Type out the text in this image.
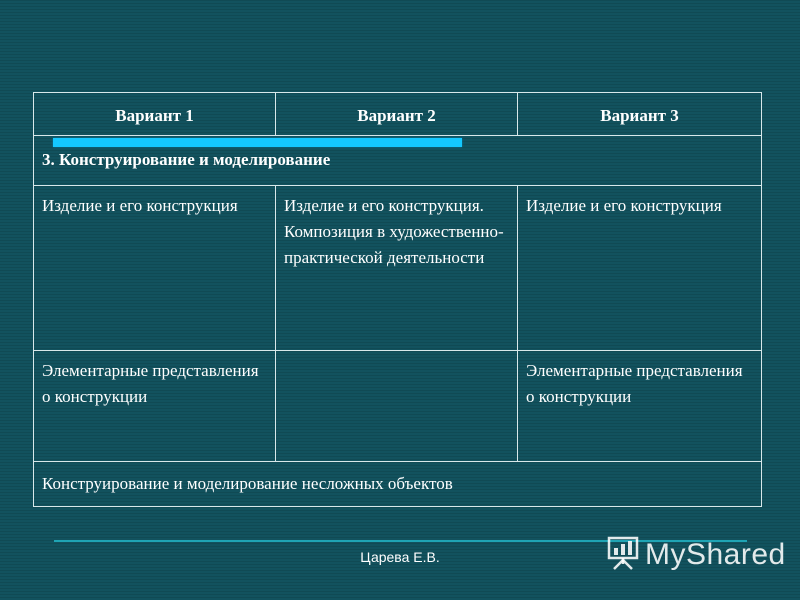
Вариант 1	Вариант 2	Вариант 3
3. Конструирование и моделирование		
Изделие и его конструкция	Изделие и его конструкция. Композиция в художественно-практической деятельности	Изделие и его конструкция
Элементарные представления о конструкции		Элементарные представления о конструкции
Конструирование и моделирование несложных объектов		
Царева Е.В.	MyShared
